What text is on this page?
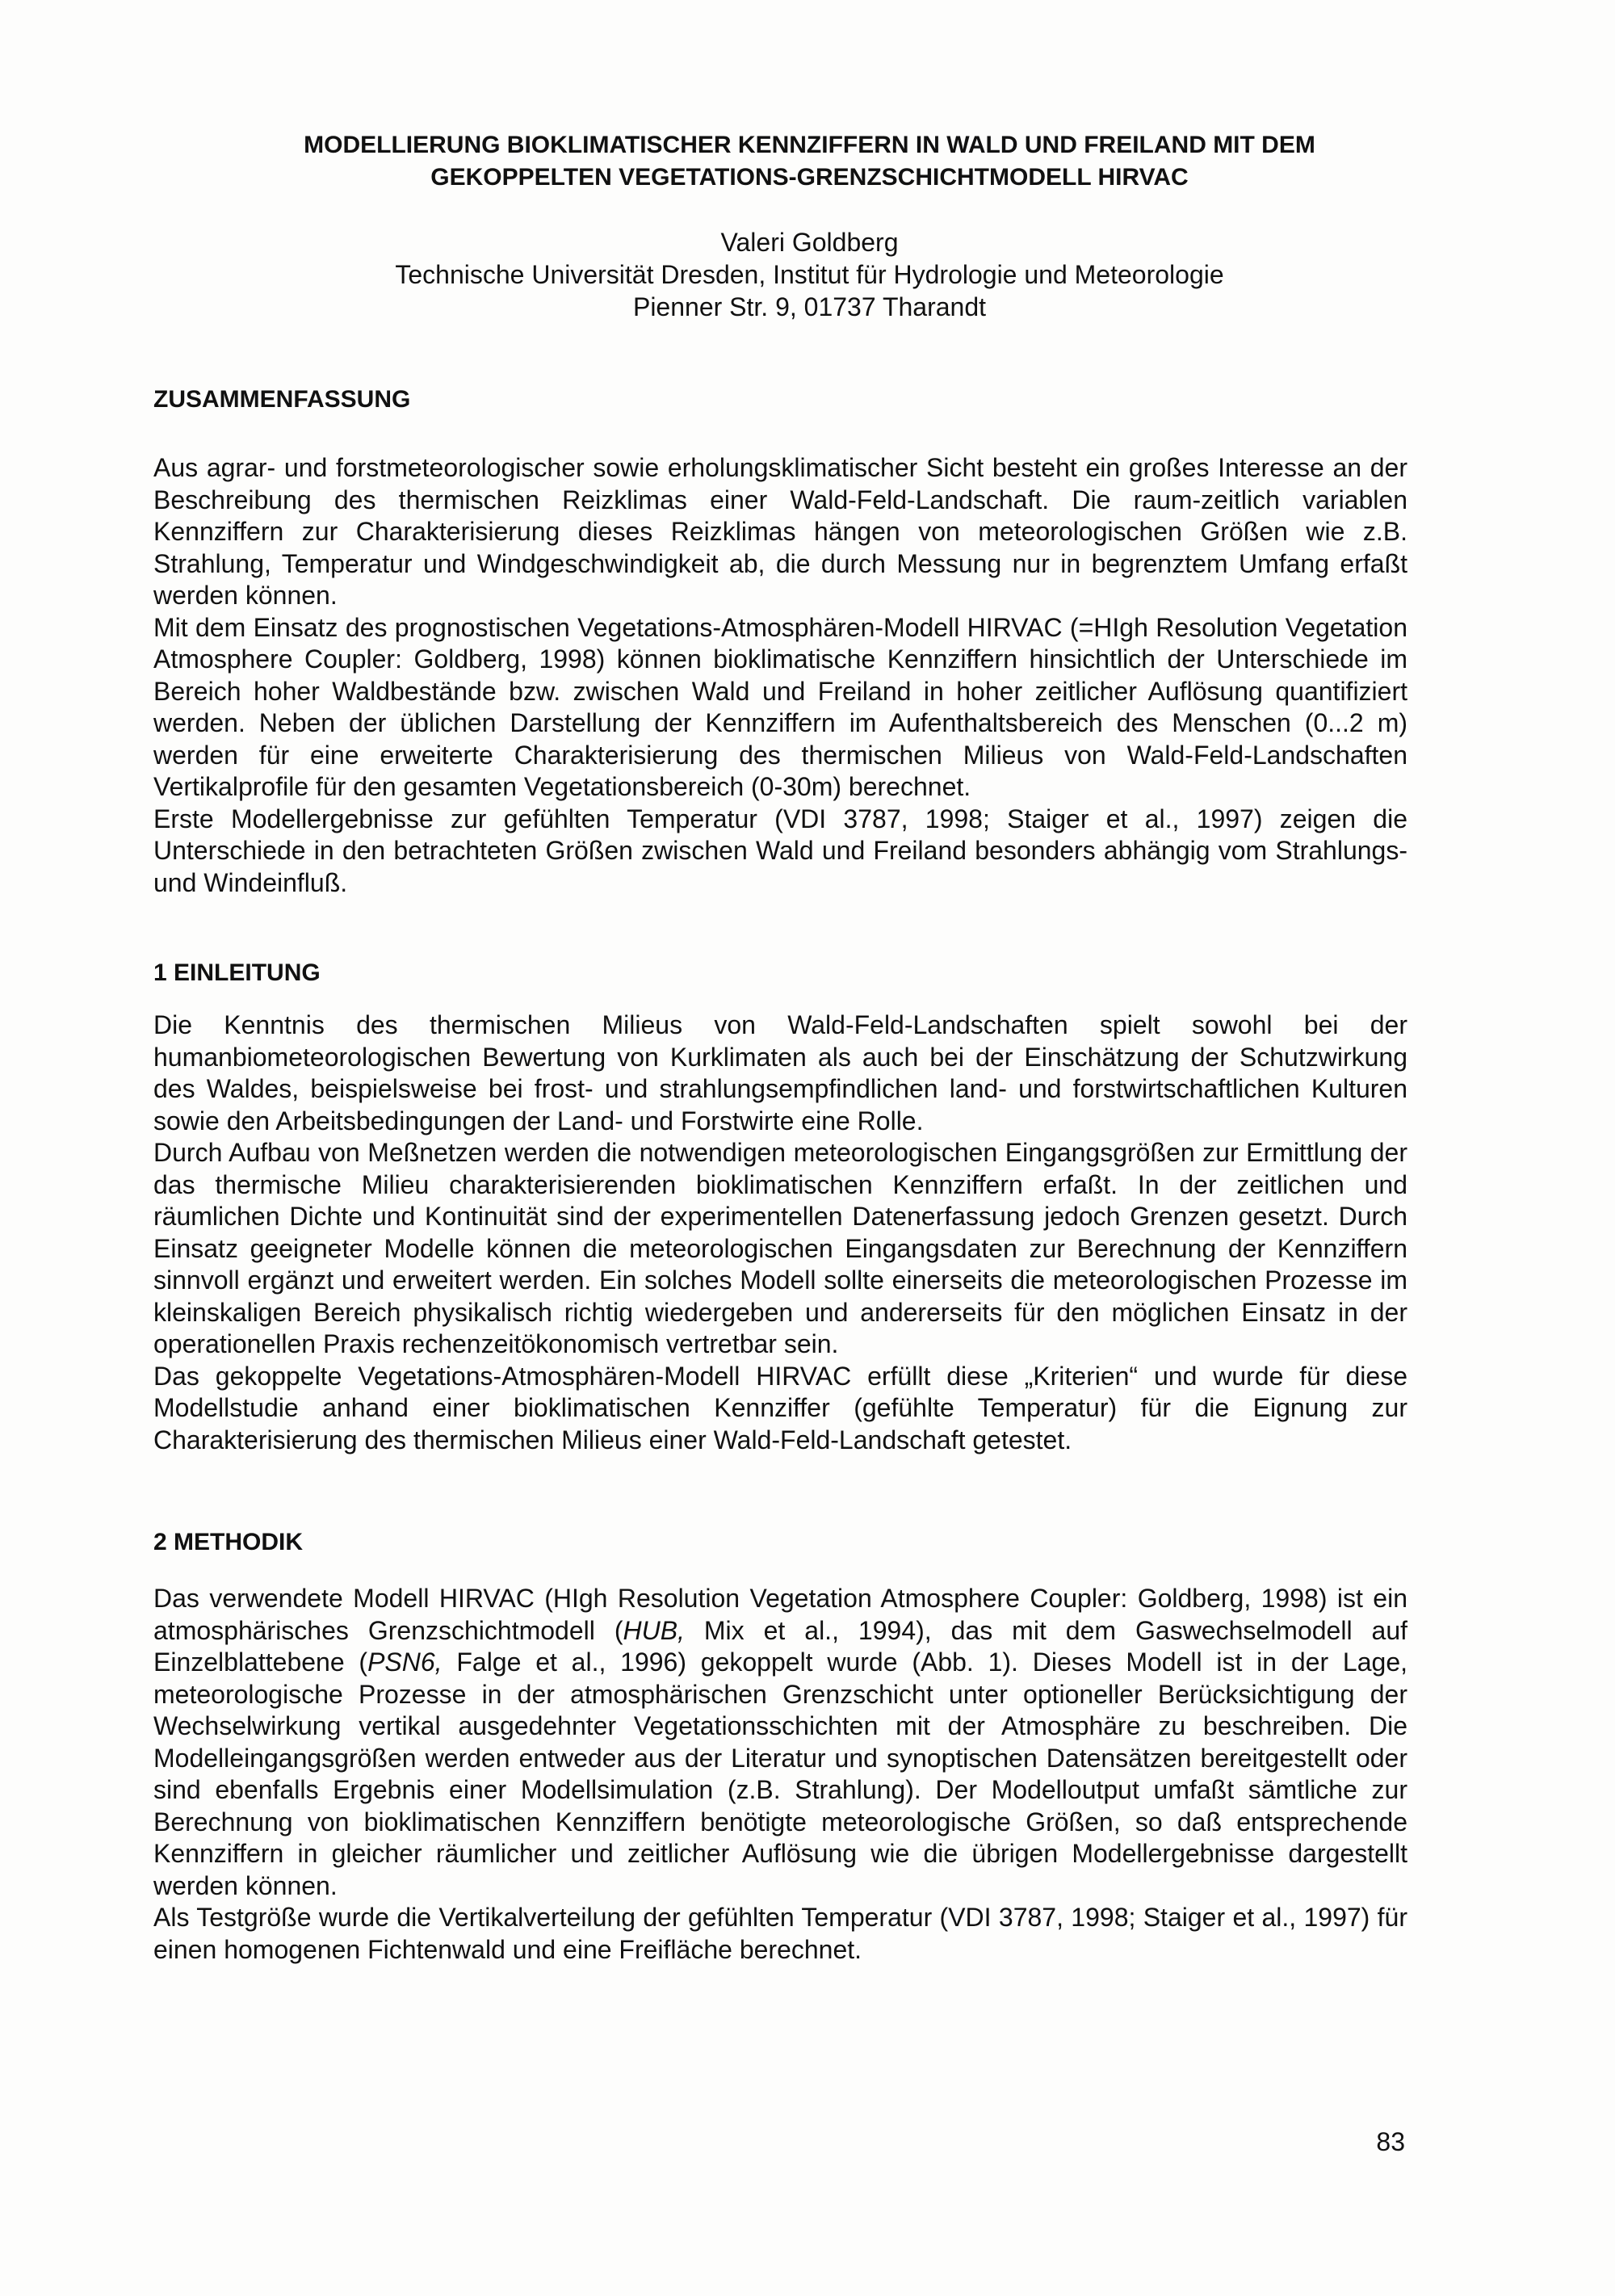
MODELLIERUNG BIOKLIMATISCHER KENNZIFFERN IN WALD UND FREILAND MIT DEM
GEKOPPELTEN VEGETATIONS-GRENZSCHICHTMODELL HIRVAC
Valeri Goldberg
Technische Universität Dresden, Institut für Hydrologie und Meteorologie
Pienner Str. 9, 01737 Tharandt
ZUSAMMENFASSUNG

Aus agrar- und forstmeteorologischer sowie erholungsklimatischer Sicht besteht ein großes Interesse an der Beschreibung des thermischen Reizklimas einer Wald-Feld-Landschaft. Die raum-zeitlich variablen Kennziffern zur Charakterisierung dieses Reizklimas hängen von meteorologischen Größen wie z.B. Strahlung, Temperatur und Windgeschwindigkeit ab, die durch Messung nur in begrenztem Umfang erfaßt werden können.

Mit dem Einsatz des prognostischen Vegetations-Atmosphären-Modell HIRVAC (=HIgh Resolution Vegetation Atmosphere Coupler: Goldberg, 1998) können bioklimatische Kennziffern hinsichtlich der Unterschiede im Bereich hoher Waldbestände bzw. zwischen Wald und Freiland in hoher zeitlicher Auflösung quantifiziert werden. Neben der üblichen Darstellung der Kennziffern im Aufenthaltsbereich des Menschen (0...2 m) werden für eine erweiterte Charakterisierung des thermischen Milieus von Wald-Feld-Landschaften Vertikalprofile für den gesamten Vegetationsbereich (0-30m) berechnet.

Erste Modellergebnisse zur gefühlten Temperatur (VDI 3787, 1998; Staiger et al., 1997) zeigen die Unterschiede in den betrachteten Größen zwischen Wald und Freiland besonders abhängig vom Strahlungs- und Windeinfluß.

1 EINLEITUNG

Die Kenntnis des thermischen Milieus von Wald-Feld-Landschaften spielt sowohl bei der humanbiometeorologischen Bewertung von Kurklimaten als auch bei der Einschätzung der Schutzwirkung des Waldes, beispielsweise bei frost- und strahlungsempfindlichen land- und forstwirtschaftlichen Kulturen sowie den Arbeitsbedingungen der Land- und Forstwirte eine Rolle.

Durch Aufbau von Meßnetzen werden die notwendigen meteorologischen Eingangsgrößen zur Ermittlung der das thermische Milieu charakterisierenden bioklimatischen Kennziffern erfaßt. In der zeitlichen und räumlichen Dichte und Kontinuität sind der experimentellen Datenerfassung jedoch Grenzen gesetzt. Durch Einsatz geeigneter Modelle können die meteorologischen Eingangsdaten zur Berechnung der Kennziffern sinnvoll ergänzt und erweitert werden. Ein solches Modell sollte einerseits die meteorologischen Prozesse im kleinskaligen Bereich physikalisch richtig wiedergeben und andererseits für den möglichen Einsatz in der operationellen Praxis rechenzeitökonomisch vertretbar sein.

Das gekoppelte Vegetations-Atmosphären-Modell HIRVAC erfüllt diese „Kriterien“ und wurde für diese Modellstudie anhand einer bioklimatischen Kennziffer (gefühlte Temperatur) für die Eignung zur Charakterisierung des thermischen Milieus einer Wald-Feld-Landschaft getestet.

2 METHODIK

Das verwendete Modell HIRVAC (HIgh Resolution Vegetation Atmosphere Coupler: Goldberg, 1998) ist ein atmosphärisches Grenzschichtmodell (HUB, Mix et al., 1994), das mit dem Gaswechselmodell auf Einzelblattebene (PSN6, Falge et al., 1996) gekoppelt wurde (Abb. 1). Dieses Modell ist in der Lage, meteorologische Prozesse in der atmosphärischen Grenzschicht unter optioneller Berücksichtigung der Wechselwirkung vertikal ausgedehnter Vegetationsschichten mit der Atmosphäre zu beschreiben. Die Modelleingangsgrößen werden entweder aus der Literatur und synoptischen Datensätzen bereitgestellt oder sind ebenfalls Ergebnis einer Modellsimulation (z.B. Strahlung). Der Modelloutput umfaßt sämtliche zur Berechnung von bioklimatischen Kennziffern benötigte meteorologische Größen, so daß entsprechende Kennziffern in gleicher räumlicher und zeitlicher Auflösung wie die übrigen Modellergebnisse dargestellt werden können.

Als Testgröße wurde die Vertikalverteilung der gefühlten Temperatur (VDI 3787, 1998; Staiger et al., 1997) für einen homogenen Fichtenwald und eine Freifläche berechnet.

83
